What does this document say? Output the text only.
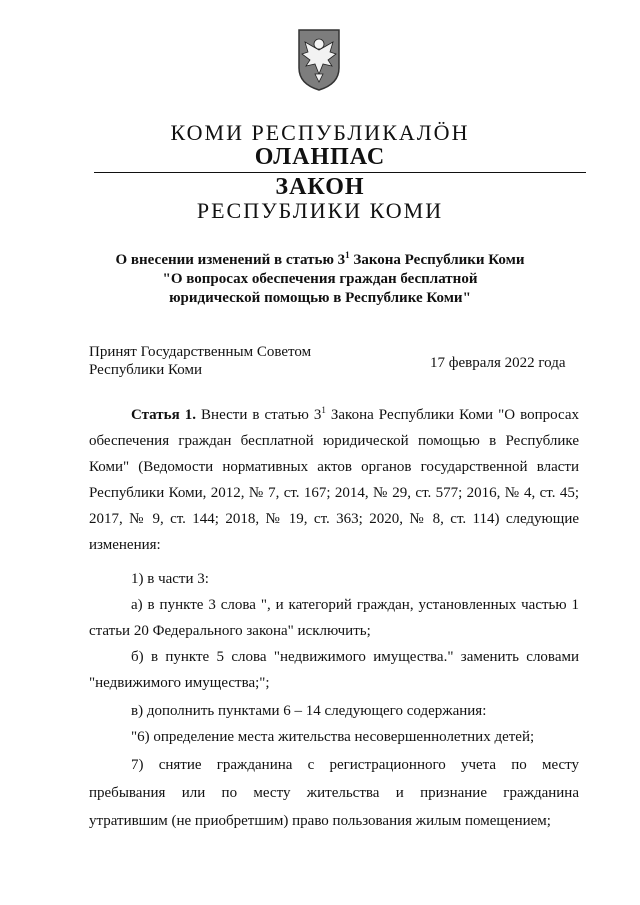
КОМИ РЕСПУБЛИКАЛӦН
ОЛАНПАС
ЗАКОН
РЕСПУБЛИКИ КОМИ
О внесении изменений в статью $3^1$ Закона Республики Коми
"О вопросах обеспечения граждан бесплатной
юридической помощью в Республике Коми"
Принят Государственным Советом
Республики Коми	17 февраля 2022 года
Статья 1. Внести в статью $3^1$ Закона Республики Коми "О вопросах
обеспечения граждан бесплатной юридической помощью в Республике
Коми" (Ведомости нормативных актов органов государственной власти
Республики Коми, 2012, № 7, ст. 167; 2014, № 29, ст. 577; 2016, № 4, ст. 45;
2017, № 9, ст. 144; 2018, № 19, ст. 363; 2020, № 8, ст. 114) следующие
изменения:
1) в части 3:
а) в пункте 3 слова ", и категорий граждан, установленных частью 1
статьи 20 Федерального закона" исключить;
б) в пункте 5 слова "недвижимого имущества." заменить словами
"недвижимого имущества;";
в) дополнить пунктами 6 – 14 следующего содержания:
"6) определение места жительства несовершеннолетних детей;
7) снятие гражданина с регистрационного учета по месту
пребывания или по месту жительства и признание гражданина
утратившим (не приобретшим) право пользования жилым помещением;
